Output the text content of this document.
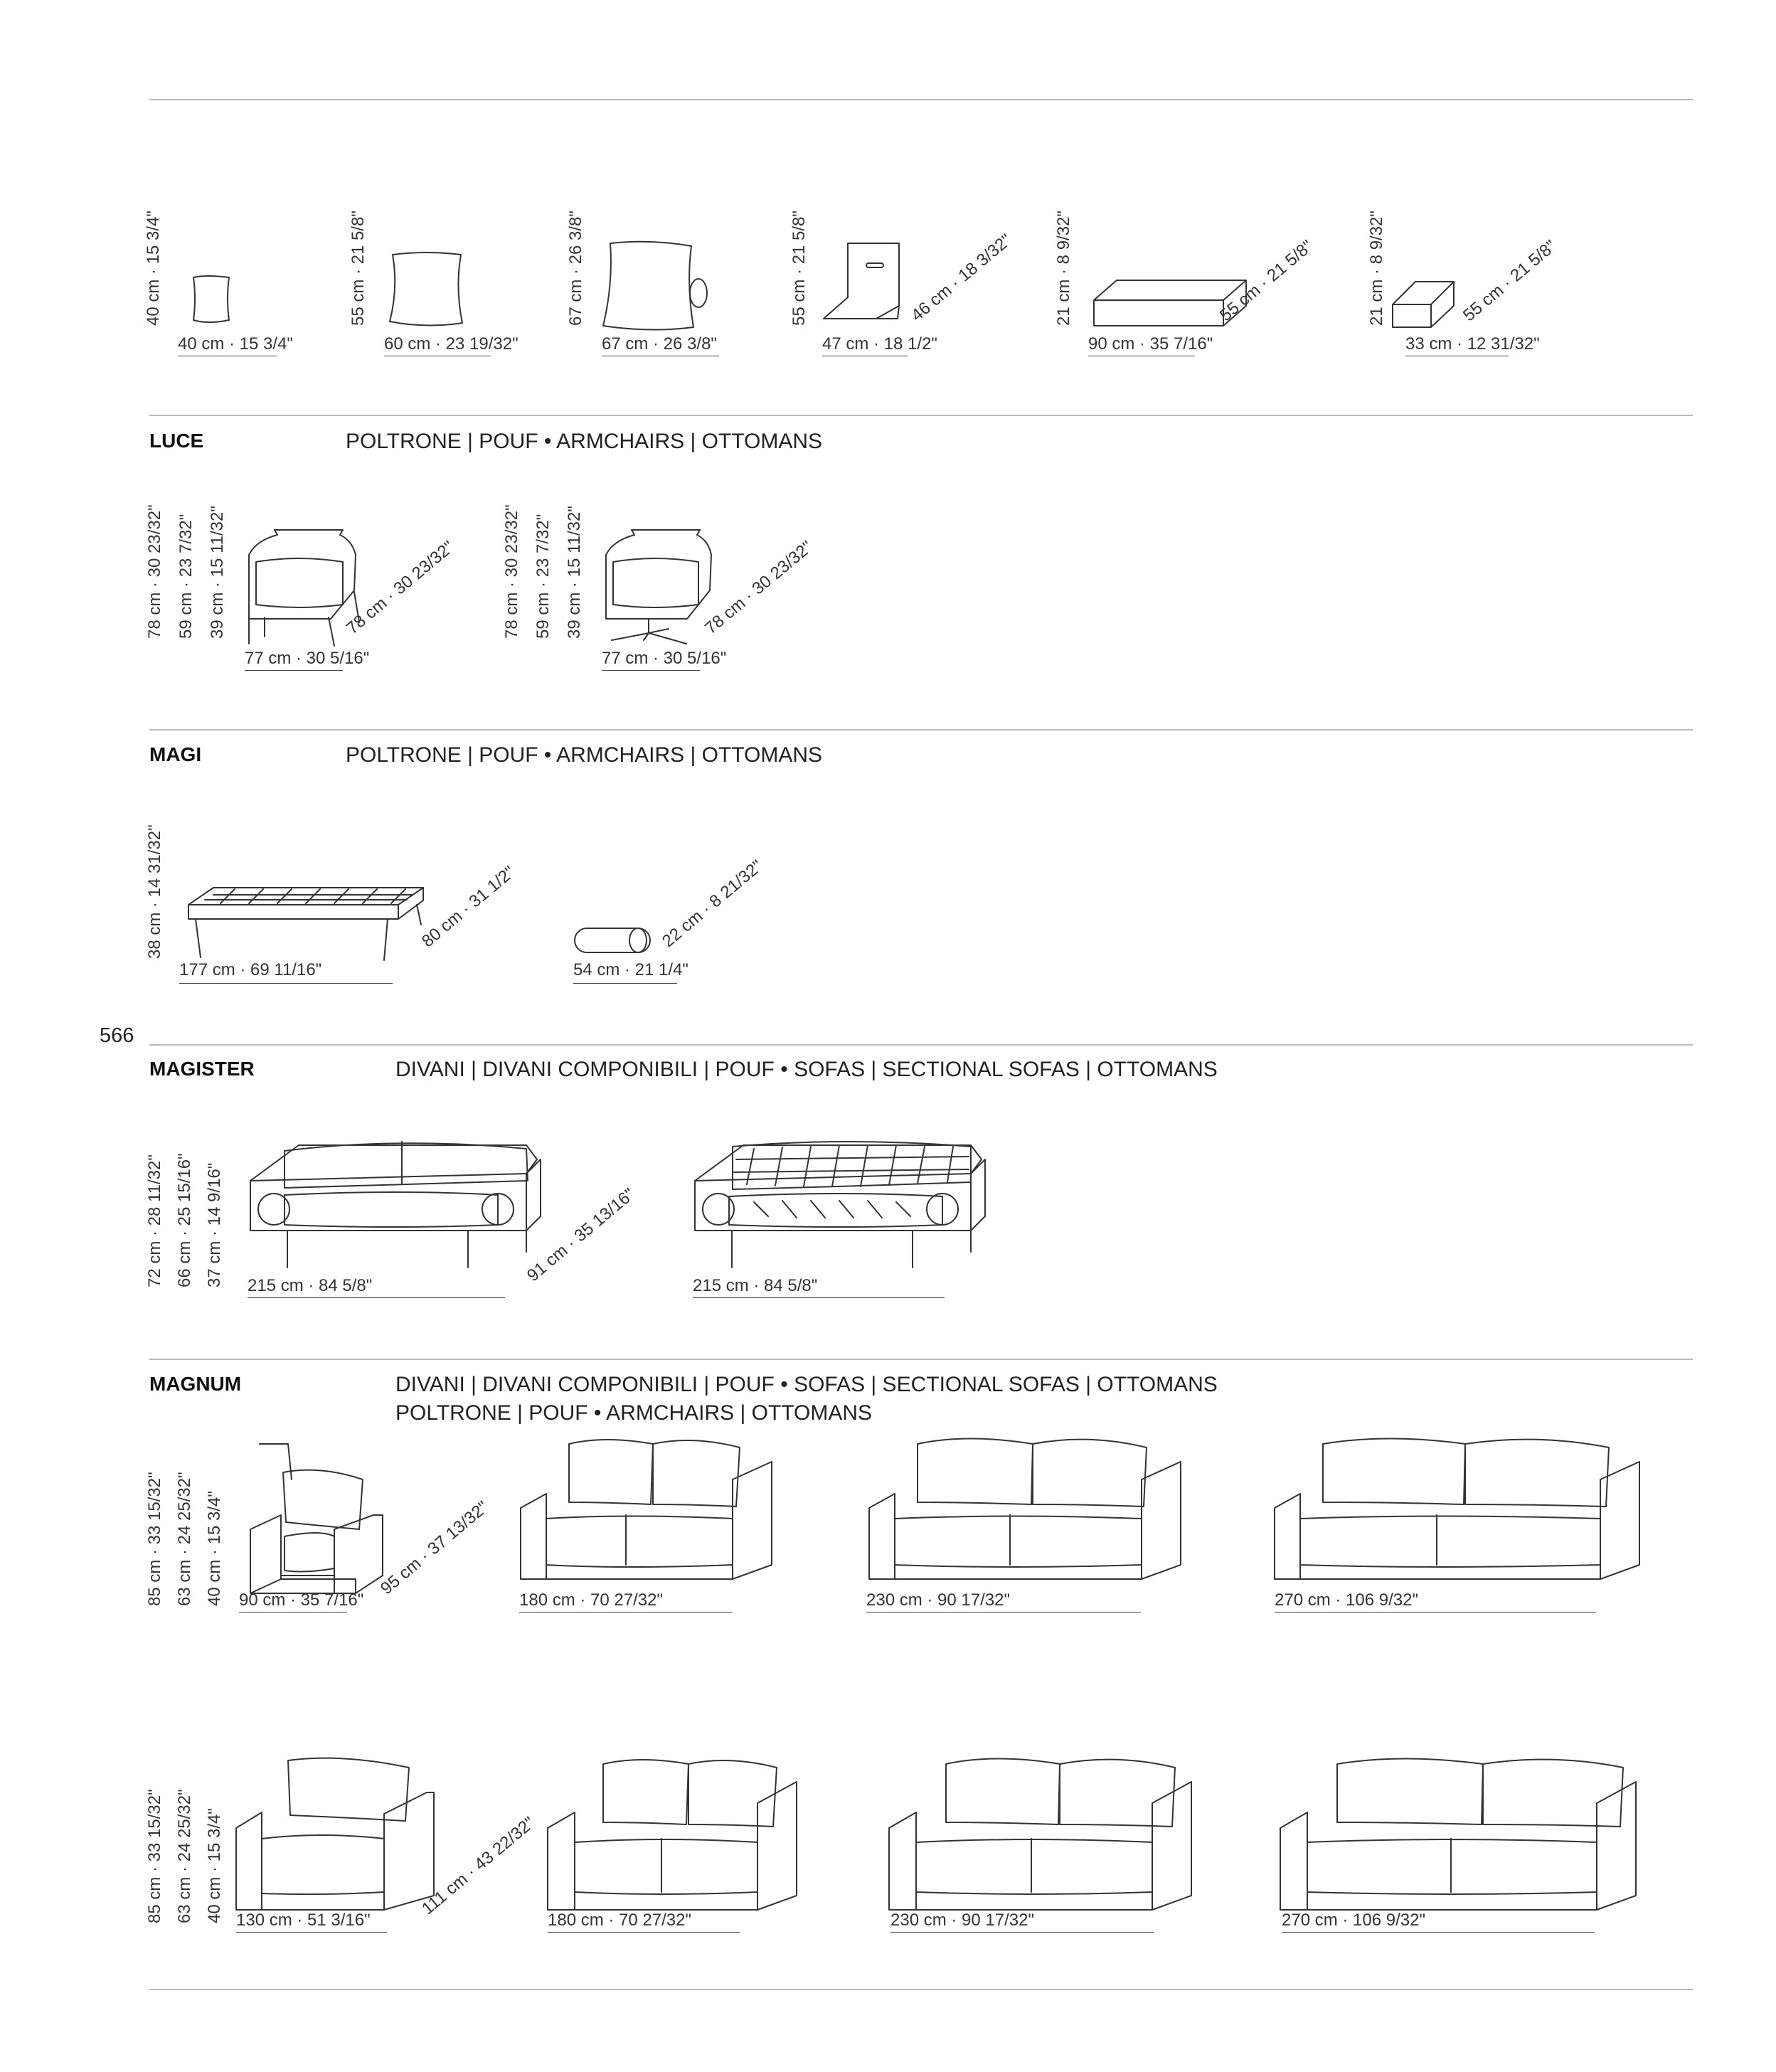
566
LUCE	POLTRONE | POUF • ARMCHAIRS | OTTOMANS
MAGI	POLTRONE | POUF • ARMCHAIRS | OTTOMANS
MAGISTER	DIVANI | DIVANI COMPONIBILI | POUF • SOFAS | SECTIONAL SOFAS | OTTOMANS
MAGNUM	DIVANI | DIVANI COMPONIBILI | POUF • SOFAS | SECTIONAL SOFAS | OTTOMANS
POLTRONE | POUF • ARMCHAIRS | OTTOMANS
40 cm · 15 3/4"
40 cm · 15 3/4"
55 cm · 21 5/8"
60 cm · 23 19/32"
67 cm · 26 3/8"
67 cm · 26 3/8"
55 cm · 21 5/8"
47 cm · 18 1/2"
46 cm · 18 3/32" 21 cm · 8 9/32"
90 cm · 35 7/16"
55 cm · 21 5/8"	21 cm · 8 9/32"
33 cm · 12 31/32"
55 cm · 21 5/8"
78 cm · 30 23/32" 59 cm · 23 7/32" 39 cm · 15 11/32"
77 cm · 30 5/16"
78 cm · 30 23/32"	78 cm · 30 23/32" 59 cm · 23 7/32" 39 cm · 15 11/32"
77 cm · 30 5/16"
78 cm · 30 23/32"
38 cm · 14 31/32"
177 cm · 69 11/16"
80 cm · 31 1/2"
54 cm · 21 1/4"
22 cm · 8 21/32"
72 cm · 28 11/32" 66 cm · 25 15/16" 37 cm · 14 9/16" 215 cm · 84 5/8"
91 cm · 35 13/16"
215 cm · 84 5/8"
85 cm · 33 15/32" 63 cm · 24 25/32" 40 cm · 15 3/4" 90 cm · 35 7/16"
95 cm · 37 13/32"
180 cm · 70 27/32"	230 cm · 90 17/32"	270 cm · 106 9/32"
85 cm · 33 15/32" 63 cm · 24 25/32" 40 cm · 15 3/4" 130 cm · 51 3/16"
111 cm · 43 22/32"
180 cm · 70 27/32"	230 cm · 90 17/32"	270 cm · 106 9/32"
